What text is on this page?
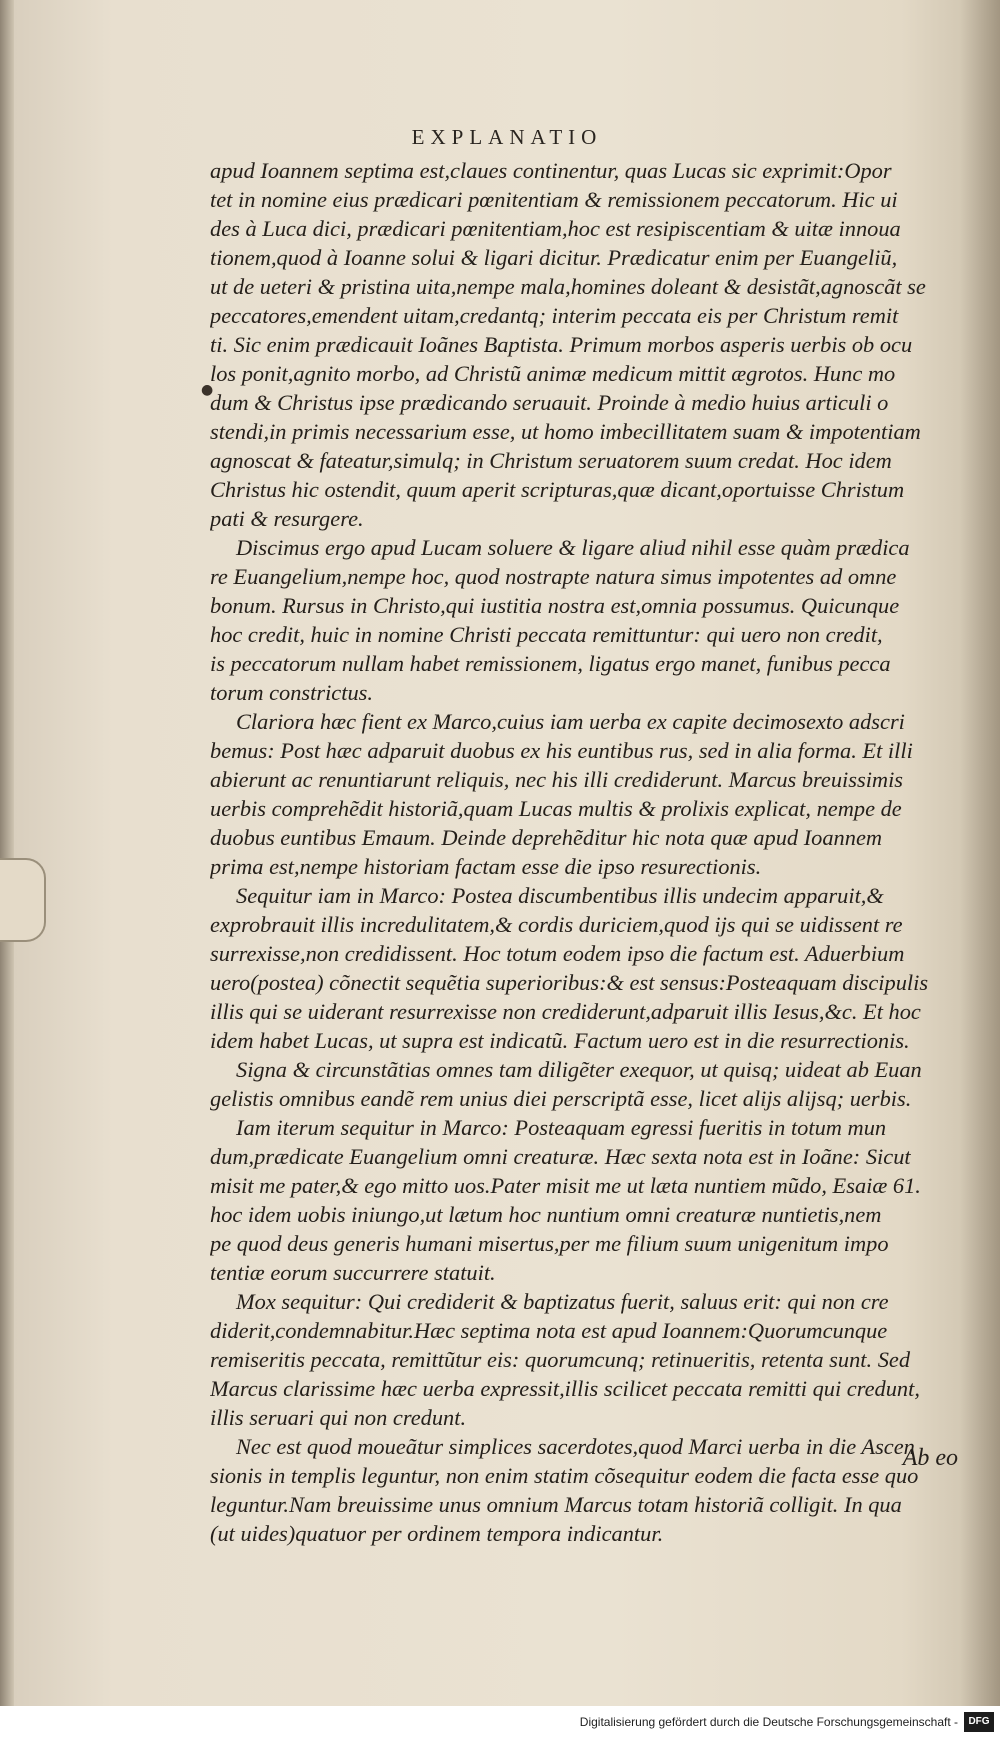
EXPLANATIO
●

apud Ioannem septima est,claues continentur, quas Lucas sic exprimit:Opor
tet in nomine eius prædicari pœnitentiam & remissionem peccatorum. Hic ui
des à Luca dici, prædicari pœnitentiam,hoc est resipiscentiam & uitæ innoua
tionem,quod à Ioanne solui & ligari dicitur. Prædicatur enim per Euangeliũ,
ut de ueteri & pristina uita,nempe mala,homines doleant & desistãt,agnoscãt se
peccatores,emendent uitam,credantq; interim peccata eis per Christum remit
ti. Sic enim prædicauit Ioãnes Baptista. Primum morbos asperis uerbis ob ocu
los ponit,agnito morbo, ad Christũ animæ medicum mittit ægrotos. Hunc mo
dum & Christus ipse prædicando seruauit. Proinde à medio huius articuli o
stendi,in primis necessarium esse, ut homo imbecillitatem suam & impotentiam
agnoscat & fateatur,simulq; in Christum seruatorem suum credat. Hoc idem
Christus hic ostendit, quum aperit scripturas,quæ dicant,oportuisse Christum
pati & resurgere.

Discimus ergo apud Lucam soluere & ligare aliud nihil esse quàm prædica
re Euangelium,nempe hoc, quod nostrapte natura simus impotentes ad omne
bonum. Rursus in Christo,qui iustitia nostra est,omnia possumus. Quicunque
hoc credit, huic in nomine Christi peccata remittuntur: qui uero non credit,
is peccatorum nullam habet remissionem, ligatus ergo manet, funibus pecca
torum constrictus.

Clariora hæc fient ex Marco,cuius iam uerba ex capite decimosexto adscri
bemus: Post hæc adparuit duobus ex his euntibus rus, sed in alia forma. Et illi
abierunt ac renuntiarunt reliquis, nec his illi crediderunt. Marcus breuissimis
uerbis comprehẽdit historiã,quam Lucas multis & prolixis explicat, nempe de
duobus euntibus Emaum. Deinde deprehẽditur hic nota quæ apud Ioannem
prima est,nempe historiam factam esse die ipso resurectionis.

Sequitur iam in Marco: Postea discumbentibus illis undecim apparuit,&
exprobrauit illis incredulitatem,& cordis duriciem,quod ijs qui se uidissent re
surrexisse,non credidissent. Hoc totum eodem ipso die factum est. Aduerbium
uero(postea) cõnectit sequẽtia superioribus:& est sensus:Posteaquam discipulis
illis qui se uiderant resurrexisse non crediderunt,adparuit illis Iesus,&c. Et hoc
idem habet Lucas, ut supra est indicatũ. Factum uero est in die resurrectionis.

Signa & circunstãtias omnes tam diligẽter exequor, ut quisq; uideat ab Euan
gelistis omnibus eandẽ rem unius diei perscriptã esse, licet alijs alijsq; uerbis.

Iam iterum sequitur in Marco: Posteaquam egressi fueritis in totum mun
dum,prædicate Euangelium omni creaturæ. Hæc sexta nota est in Ioãne: Sicut
misit me pater,& ego mitto uos.Pater misit me ut læta nuntiem mũdo, Esaiæ 61.
hoc idem uobis iniungo,ut lætum hoc nuntium omni creaturæ nuntietis,nem
pe quod deus generis humani misertus,per me filium suum unigenitum impo
tentiæ eorum succurrere statuit.

Mox sequitur: Qui crediderit & baptizatus fuerit, saluus erit: qui non cre
diderit,condemnabitur.Hæc septima nota est apud Ioannem:Quorumcunque
remiseritis peccata, remittũtur eis: quorumcunq; retinueritis, retenta sunt. Sed
Marcus clarissime hæc uerba expressit,illis scilicet peccata remitti qui credunt,
illis seruari qui non credunt.

Nec est quod moueãtur simplices sacerdotes,quod Marci uerba in die Ascen
sionis in templis leguntur, non enim statim cõsequitur eodem die facta esse quo
leguntur.Nam breuissime unus omnium Marcus totam historiã colligit. In qua
(ut uides)quatuor per ordinem tempora indicantur.

Ab eo
Digitalisierung gefördert durch die Deutsche Forschungsgemeinschaft -	DFG
